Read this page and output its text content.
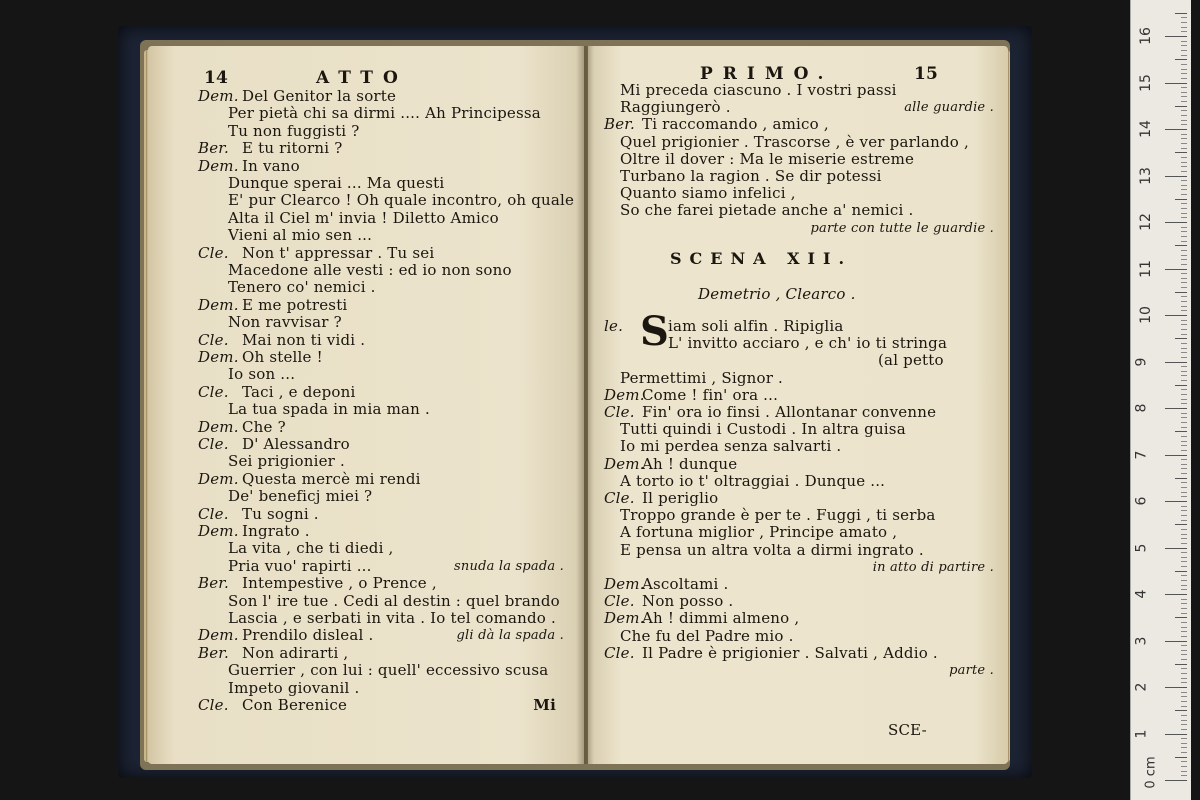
14	ATTO
Dem. Del Genitor la sorte
Per pietà chi sa dirmi .... Ah Principessa
Tu non fuggisti ?
Ber. E tu ritorni ?
Dem. In vano
Dunque sperai ... Ma questi
E' pur Clearco ! Oh quale incontro, oh quale
Alta il Ciel m' invia ! Diletto Amico
Vieni al mio sen ...
Cle. Non t' appressar . Tu sei
Macedone alle vesti : ed io non sono
Tenero co' nemici .
Dem. E me potresti
Non ravvisar ?
Cle. Mai non ti vidi .
Dem. Oh stelle !
Io son ...
Cle. Taci , e deponi
La tua spada in mia man .
Dem. Che ?
Cle. D' Alessandro
Sei prigionier .
Dem. Questa mercè mi rendi
De' beneficj miei ?
Cle. Tu sogni .
Dem. Ingrato .
La vita , che ti diedi ,
Pria vuo' rapirti ...	snuda la spada .
Ber. Intempestive , o Prence ,
Son l' ire tue . Cedi al destin : quel brando
Lascia , e serbati in vita . Io tel comando .
Dem. Prendilo disleal .	gli dà la spada .
Ber. Non adirarti ,
Guerrier , con lui : quell' eccessivo scusa
Impeto giovanil .
Cle. Con Berenice	Mi
PRIMO.	15
Mi preceda ciascuno . I vostri passi
Raggiungerò .	alle guardie .
Ber. Ti raccomando , amico ,
Quel prigionier . Trascorse , è ver parlando ,
Oltre il dover : Ma le miserie estreme
Turbano la ragion . Se dir potessi
Quanto siamo infelici ,
So che farei pietade anche a' nemici .
parte con tutte le guardie .
SCENA XII.
Demetrio , Clearco .
le. S iam soli alfin . Ripiglia
L' invitto acciaro , e ch' io ti stringa
(al petto
Permettimi , Signor .
Dem.
Come ! fin' ora ...
Cle. Fin' ora io finsi . Allontanar convenne
Tutti quindi i Custodi . In altra guisa
Io mi perdea senza salvarti .
Dem.
Ah ! dunque
A torto io t' oltraggiai . Dunque ...
Cle. Il periglio
Troppo grande è per te . Fuggi , ti serba
A fortuna miglior , Principe amato ,
E pensa un altra volta a dirmi ingrato .
in atto di partire .
Dem.
Ascoltami .
Cle. Non posso .
Dem.
Ah ! dimmi almeno ,
Che fu del Padre mio .
Cle. Il Padre è prigionier . Salvati , Addio .
parte .
SCE-
0 cm
1
2
3
4
5
6
7
8
9
10
11
12
13
14
15
16
